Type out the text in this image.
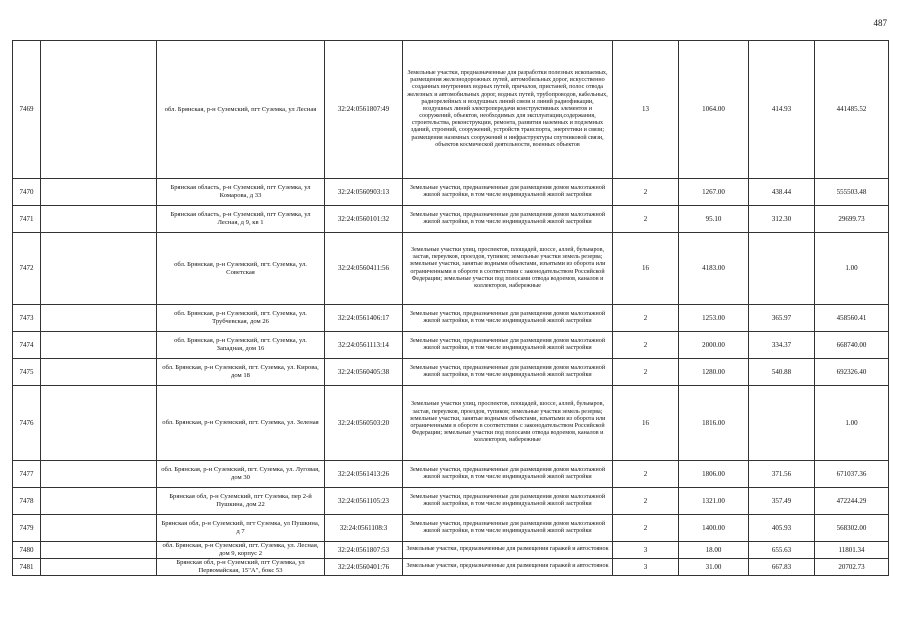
487
7469		обл. Брянская, р-н Суземский, пгт Суземка, ул Лесная	32:24:0561807:49	Земельные участки, предназначенные для разработки полезных ископаемых, размещения железнодорожных путей, автомобильных дорог, искусственно созданных внутренних водных путей, причалов, пристаней, полос отвода железных и автомобильных дорог, водных путей, трубопроводов, кабельных, радиорелейных и воздушных линий связи и линий радиофикации, воздушных линий электропередачи конструктивных элементов и сооружений, объектов, необходимых для эксплуатации,содержания, строительства, реконструкции, ремонта, развития наземных и подземных зданий, строений, сооружений, устройств транспорта, энергетики и связи; размещения наземных сооружений и инфраструктуры спутниковой связи, объектов космической деятельности, военных объектов	13	1064.00	414.93	441485.52
7470		Брянская область, р-н Суземский, пгт Суземка, ул Комарова, д 33	32:24:0560903:13	Земельные участки, предназначенные для размещения домов малоэтажной жилой застройки, в том числе индивидуальной жилой застройки	2	1267.00	438.44	555503.48
7471		Брянская область, р-н Суземский, пгт Суземка, ул Лесная, д 9, кв 1	32:24:0560101:32	Земельные участки, предназначенные для размещения домов малоэтажной жилой застройки, в том числе индивидуальной жилой застройки	2	95.10	312.30	29699.73
7472		обл. Брянская, р-н Суземский, пгт. Суземка, ул. Советская	32:24:0560411:56	Земельные участки улиц, проспектов, площадей, шоссе, аллей, бульваров, застав, переулков, проездов, тупиков; земельные участки земель резерва; земельные участки, занятые водными объектами, изъятыми из оборота или ограниченными в обороте в соответствии с законодательством Российской Федерации; земельные участки под полосами отвода водоемов, каналов и коллекторов, набережные	16	4183.00		1.00
7473		обл. Брянская, р-н Суземский, пгт. Суземка, ул. Трубчевская, дом 26	32:24:0561406:17	Земельные участки, предназначенные для размещения домов малоэтажной жилой застройки, в том числе индивидуальной жилой застройки	2	1253.00	365.97	458560.41
7474		обл. Брянская, р-н Суземский, пгт. Суземка, ул. Западная, дом 16	32:24:0561113:14	Земельные участки, предназначенные для размещения домов малоэтажной жилой застройки, в том числе индивидуальной жилой застройки	2	2000.00	334.37	668740.00
7475		обл. Брянская, р-н Суземский, пгт. Суземка, ул. Кирова, дом 18	32:24:0560405:38	Земельные участки, предназначенные для размещения домов малоэтажной жилой застройки, в том числе индивидуальной жилой застройки	2	1280.00	540.88	692326.40
7476		обл. Брянская, р-н Суземский, пгт. Суземка, ул. Зеленая	32:24:0560503:20	Земельные участки улиц, проспектов, площадей, шоссе, аллей, бульваров, застав, переулков, проездов, тупиков; земельные участки земель резерва; земельные участки, занятые водными объектами, изъятыми из оборота или ограниченными в обороте в соответствии с законодательством Российской Федерации; земельные участки под полосами отвода водоемов, каналов и коллекторов, набережные	16	1816.00		1.00
7477		обл. Брянская, р-н Суземский, пгт. Суземка, ул. Луговая, дом 30	32:24:0561413:26	Земельные участки, предназначенные для размещения домов малоэтажной жилой застройки, в том числе индивидуальной жилой застройки	2	1806.00	371.56	671037.36
7478		Брянская обл, р-н Суземский, пгт Суземка, пер 2-й Пушкина, дом 22	32:24:0561105:23	Земельные участки, предназначенные для размещения домов малоэтажной жилой застройки, в том числе индивидуальной жилой застройки	2	1321.00	357.49	472244.29
7479		Брянская обл, р-н Суземский, пгт Суземка, ул Пушкина, д 7	32:24:0561108:3	Земельные участки, предназначенные для размещения домов малоэтажной жилой застройки, в том числе индивидуальной жилой застройки	2	1400.00	405.93	568302.00
7480		обл. Брянская, р-н Суземский, пгт. Суземка, ул. Лесная, дом 9, корпус 2	32:24:0561807:53	Земельные участки, предназначенные для размещения гаражей и автостоянок	3	18.00	655.63	11801.34
7481		Брянская обл, р-н Суземский, пгт Суземка, ул Первомайская, 15"А", бокс 53	32:24:0560401:76	Земельные участки, предназначенные для размещения гаражей и автостоянок	3	31.00	667.83	20702.73
